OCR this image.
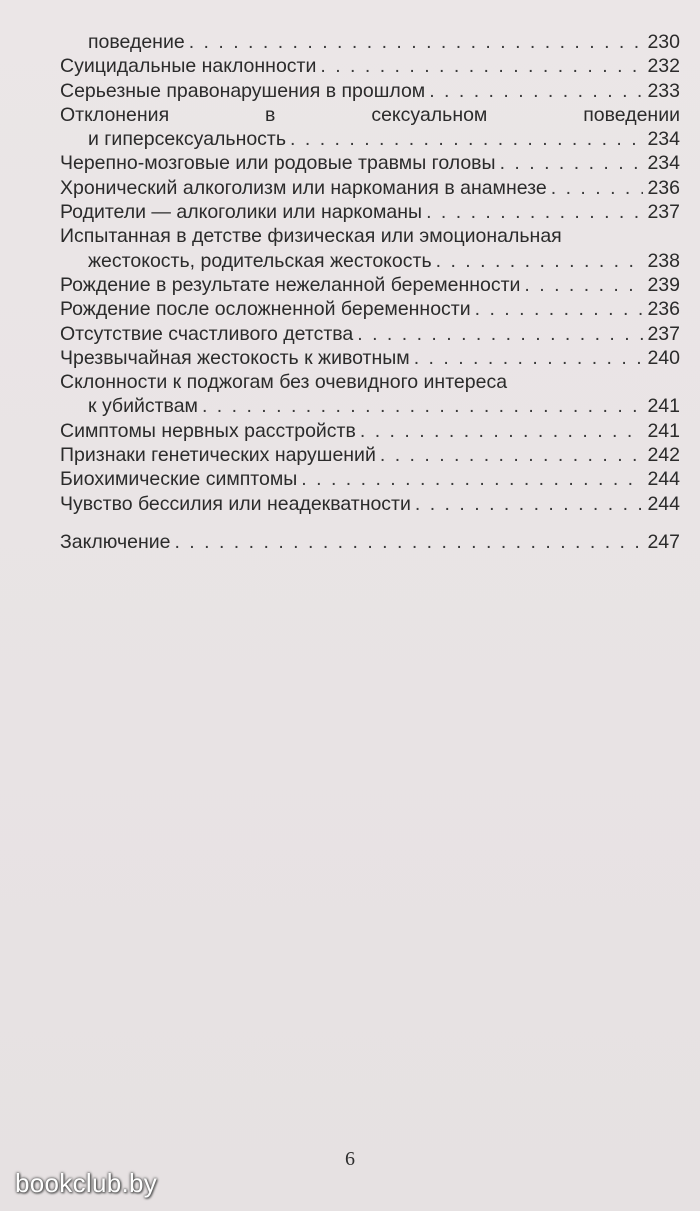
поведение . . .	230
Суицидальные наклонности . . .	232
Серьезные правонарушения в прошлом . . .	233
Отклонения	в	сексуальном	поведении
и гиперсексуальность . . .	234
Черепно-мозговые или родовые травмы головы . . .	234
Хронический алкоголизм или наркомания в анамнезе . . .	236
Родители — алкоголики или наркоманы . . .	237
Испытанная в детстве физическая или эмоциональная
жестокость, родительская жестокость . . .	238
Рождение в результате нежеланной беременности . . .	239
Рождение после осложненной беременности . . .	236
Отсутствие счастливого детства . . .	237
Чрезвычайная жестокость к животным . . .	240
Склонности к поджогам без очевидного интереса
к убийствам . . .	241
Симптомы нервных расстройств . . .	241
Признаки генетических нарушений . . .	242
Биохимические симптомы . . .	244
Чувство бессилия или неадекватности . . .	244
Заключение . . .	247
6
bookclub.by
